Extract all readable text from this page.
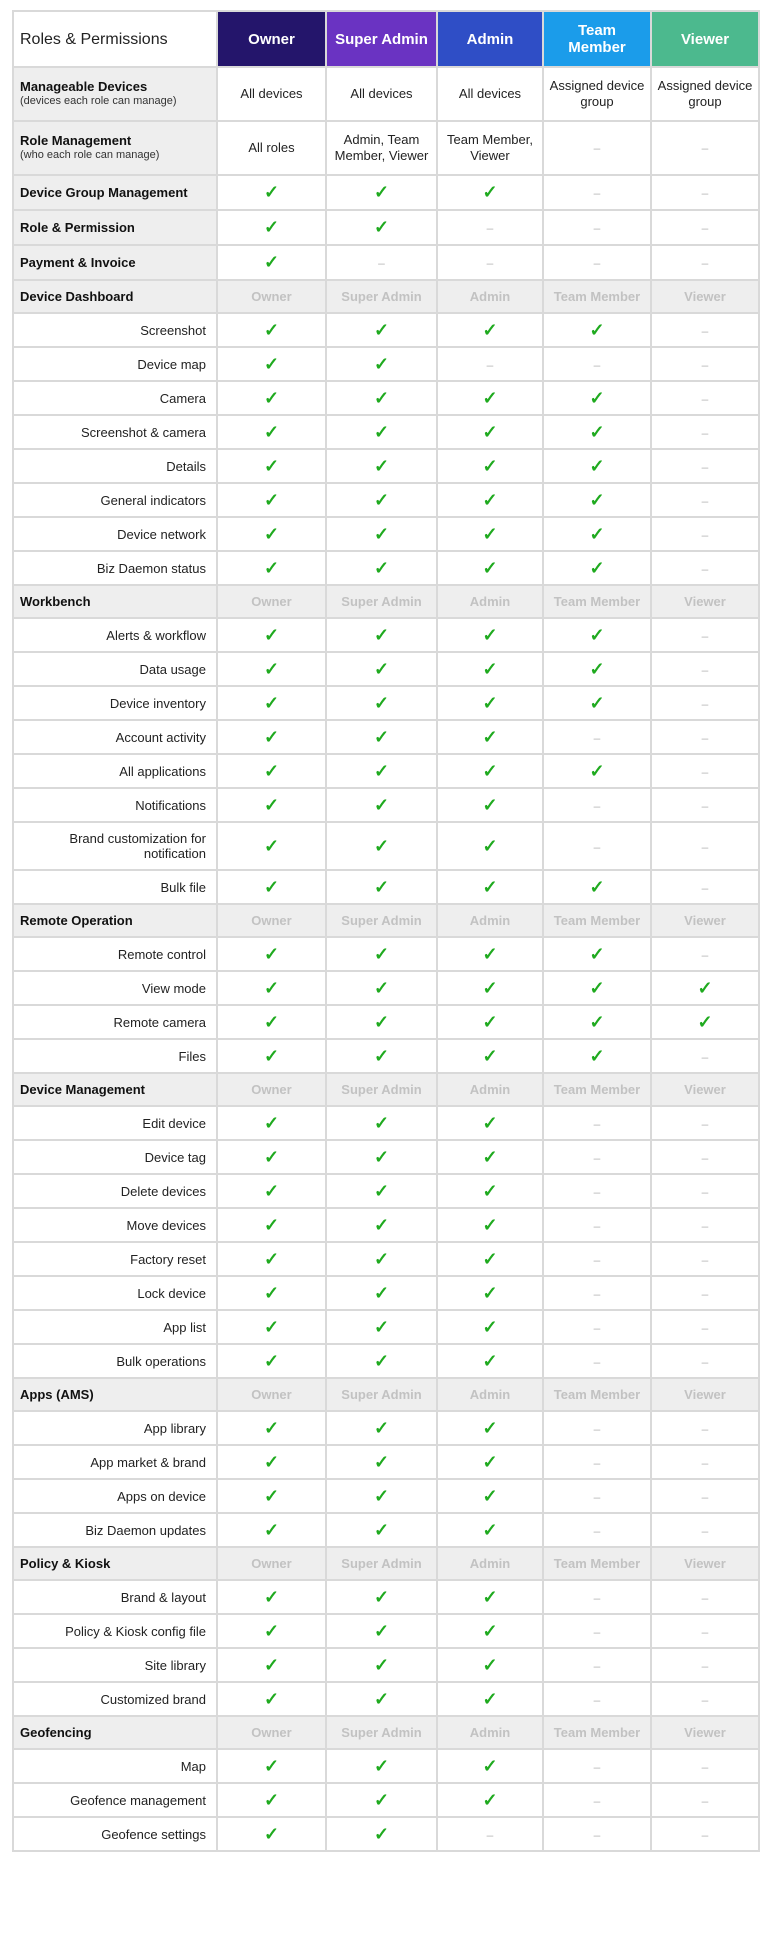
Roles & Permissions	Owner	Super Admin	Admin	Team Member	Viewer

Manageable Devices
(devices each role can manage)	All devices	All devices	All devices	Assigned device group	Assigned device group

Role Management
(who each role can manage)	All roles	Admin, Team Member, Viewer	Team Member, Viewer	–	–
Device Group Management	✓	✓	✓	–	–
Role & Permission	✓	✓	–	–	–
Payment & Invoice	✓	–	–	–	–
Device Dashboard	Owner	Super Admin	Admin	Team Member	Viewer
Screenshot	✓	✓	✓	✓	–
Device map	✓	✓	–	–	–
Camera	✓	✓	✓	✓	–
Screenshot & camera	✓	✓	✓	✓	–
Details	✓	✓	✓	✓	–
General indicators	✓	✓	✓	✓	–
Device network	✓	✓	✓	✓	–
Biz Daemon status	✓	✓	✓	✓	–
Workbench	Owner	Super Admin	Admin	Team Member	Viewer
Alerts & workflow	✓	✓	✓	✓	–
Data usage	✓	✓	✓	✓	–
Device inventory	✓	✓	✓	✓	–
Account activity	✓	✓	✓	–	–
All applications	✓	✓	✓	✓	–
Notifications	✓	✓	✓	–	–
Brand customization for notification	✓	✓	✓	–	–
Bulk file	✓	✓	✓	✓	–
Remote Operation	Owner	Super Admin	Admin	Team Member	Viewer
Remote control	✓	✓	✓	✓	–
View mode	✓	✓	✓	✓	✓
Remote camera	✓	✓	✓	✓	✓
Files	✓	✓	✓	✓	–
Device Management	Owner	Super Admin	Admin	Team Member	Viewer
Edit device	✓	✓	✓	–	–
Device tag	✓	✓	✓	–	–
Delete devices	✓	✓	✓	–	–
Move devices	✓	✓	✓	–	–
Factory reset	✓	✓	✓	–	–
Lock device	✓	✓	✓	–	–
App list	✓	✓	✓	–	–
Bulk operations	✓	✓	✓	–	–
Apps (AMS)	Owner	Super Admin	Admin	Team Member	Viewer
App library	✓	✓	✓	–	–
App market & brand	✓	✓	✓	–	–
Apps on device	✓	✓	✓	–	–
Biz Daemon updates	✓	✓	✓	–	–
Policy & Kiosk	Owner	Super Admin	Admin	Team Member	Viewer
Brand & layout	✓	✓	✓	–	–
Policy & Kiosk config file	✓	✓	✓	–	–
Site library	✓	✓	✓	–	–
Customized brand	✓	✓	✓	–	–
Geofencing	Owner	Super Admin	Admin	Team Member	Viewer
Map	✓	✓	✓	–	–
Geofence management	✓	✓	✓	–	–
Geofence settings	✓	✓	–	–	–
